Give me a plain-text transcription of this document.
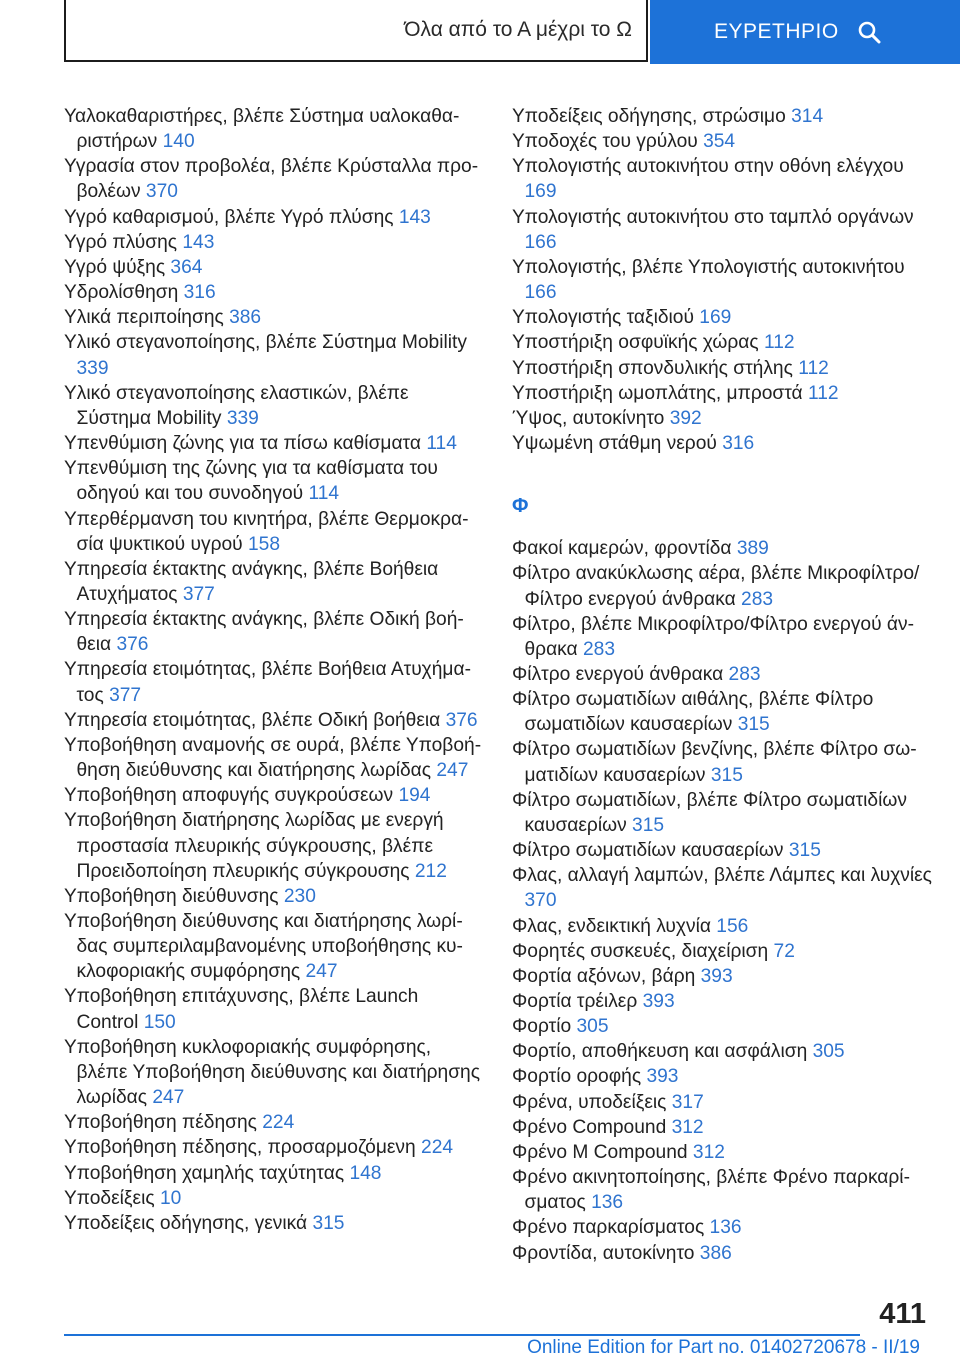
Όλα από το Α μέχρι το Ω	ΕΥΡΕΤΗΡΙΟ
Υαλοκαθαριστήρες, βλέπε Σύστημα υαλοκαθαριστήρων 140
Υγρασία στον προβολέα, βλέπε Κρύσταλλα προβολέων 370
Υγρό καθαρισμού, βλέπε Υγρό πλύσης 143
Υγρό πλύσης 143
Υγρό ψύξης 364
Υδρολίσθηση 316
Υλικά περιποίησης 386
Υλικό στεγανοποίησης, βλέπε Σύστημα Mobility 339
Υλικό στεγανοποίησης ελαστικών, βλέπε Σύστημα Mobility 339
Υπενθύμιση ζώνης για τα πίσω καθίσματα 114
Υπενθύμιση της ζώνης για τα καθίσματα του οδηγού και του συνοδηγού 114
Υπερθέρμανση του κινητήρα, βλέπε Θερμοκρασία ψυκτικού υγρού 158
Υπηρεσία έκτακτης ανάγκης, βλέπε Βοήθεια Ατυχήματος 377
Υπηρεσία έκτακτης ανάγκης, βλέπε Οδική βοήθεια 376
Υπηρεσία ετοιμότητας, βλέπε Βοήθεια Ατυχήματος 377
Υπηρεσία ετοιμότητας, βλέπε Οδική βοήθεια 376
Υποβοήθηση αναμονής σε ουρά, βλέπε Υποβοήθηση διεύθυνσης και διατήρησης λωρίδας 247
Υποβοήθηση αποφυγής συγκρούσεων 194
Υποβοήθηση διατήρησης λωρίδας με ενεργή προστασία πλευρικής σύγκρουσης, βλέπε Προειδοποίηση πλευρικής σύγκρουσης 212
Υποβοήθηση διεύθυνσης 230
Υποβοήθηση διεύθυνσης και διατήρησης λωρίδας συμπεριλαμβανομένης υποβοήθησης κυκλοφοριακής συμφόρησης 247
Υποβοήθηση επιτάχυνσης, βλέπε Launch Control 150
Υποβοήθηση κυκλοφοριακής συμφόρησης, βλέπε Υποβοήθηση διεύθυνσης και διατήρησης λωρίδας 247
Υποβοήθηση πέδησης 224
Υποβοήθηση πέδησης, προσαρμοζόμενη 224
Υποβοήθηση χαμηλής ταχύτητας 148
Υποδείξεις 10
Υποδείξεις οδήγησης, γενικά 315
Υποδείξεις οδήγησης, στρώσιμο 314
Υποδοχές του γρύλου 354
Υπολογιστής αυτοκινήτου στην οθόνη ελέγχου 169
Υπολογιστής αυτοκινήτου στο ταμπλό οργάνων 166
Υπολογιστής, βλέπε Υπολογιστής αυτοκινήτου 166
Υπολογιστής ταξιδιού 169
Υποστήριξη οσφυϊκής χώρας 112
Υποστήριξη σπονδυλικής στήλης 112
Υποστήριξη ωμοπλάτης, μπροστά 112
Ύψος, αυτοκίνητο 392
Υψωμένη στάθμη νερού 316
Φ
Φακοί καμερών, φροντίδα 389
Φίλτρο ανακύκλωσης αέρα, βλέπε Μικροφίλτρο/Φίλτρο ενεργού άνθρακα 283
Φίλτρο, βλέπε Μικροφίλτρο/Φίλτρο ενεργού άνθρακα 283
Φίλτρο ενεργού άνθρακα 283
Φίλτρο σωματιδίων αιθάλης, βλέπε Φίλτρο σωματιδίων καυσαερίων 315
Φίλτρο σωματιδίων βενζίνης, βλέπε Φίλτρο σωματιδίων καυσαερίων 315
Φίλτρο σωματιδίων, βλέπε Φίλτρο σωματιδίων καυσαερίων 315
Φίλτρο σωματιδίων καυσαερίων 315
Φλας, αλλαγή λαμπών, βλέπε Λάμπες και λυχνίες 370
Φλας, ενδεικτική λυχνία 156
Φορητές συσκευές, διαχείριση 72
Φορτία αξόνων, βάρη 393
Φορτία τρέιλερ 393
Φορτίο 305
Φορτίο, αποθήκευση και ασφάλιση 305
Φορτίο οροφής 393
Φρένα, υποδείξεις 317
Φρένο Compound 312
Φρένο M Compound 312
Φρένο ακινητοποίησης, βλέπε Φρένο παρκαρίσματος 136
Φρένο παρκαρίσματος 136
Φροντίδα, αυτοκίνητο 386
411
Online Edition for Part no. 01402720678 - II/19
